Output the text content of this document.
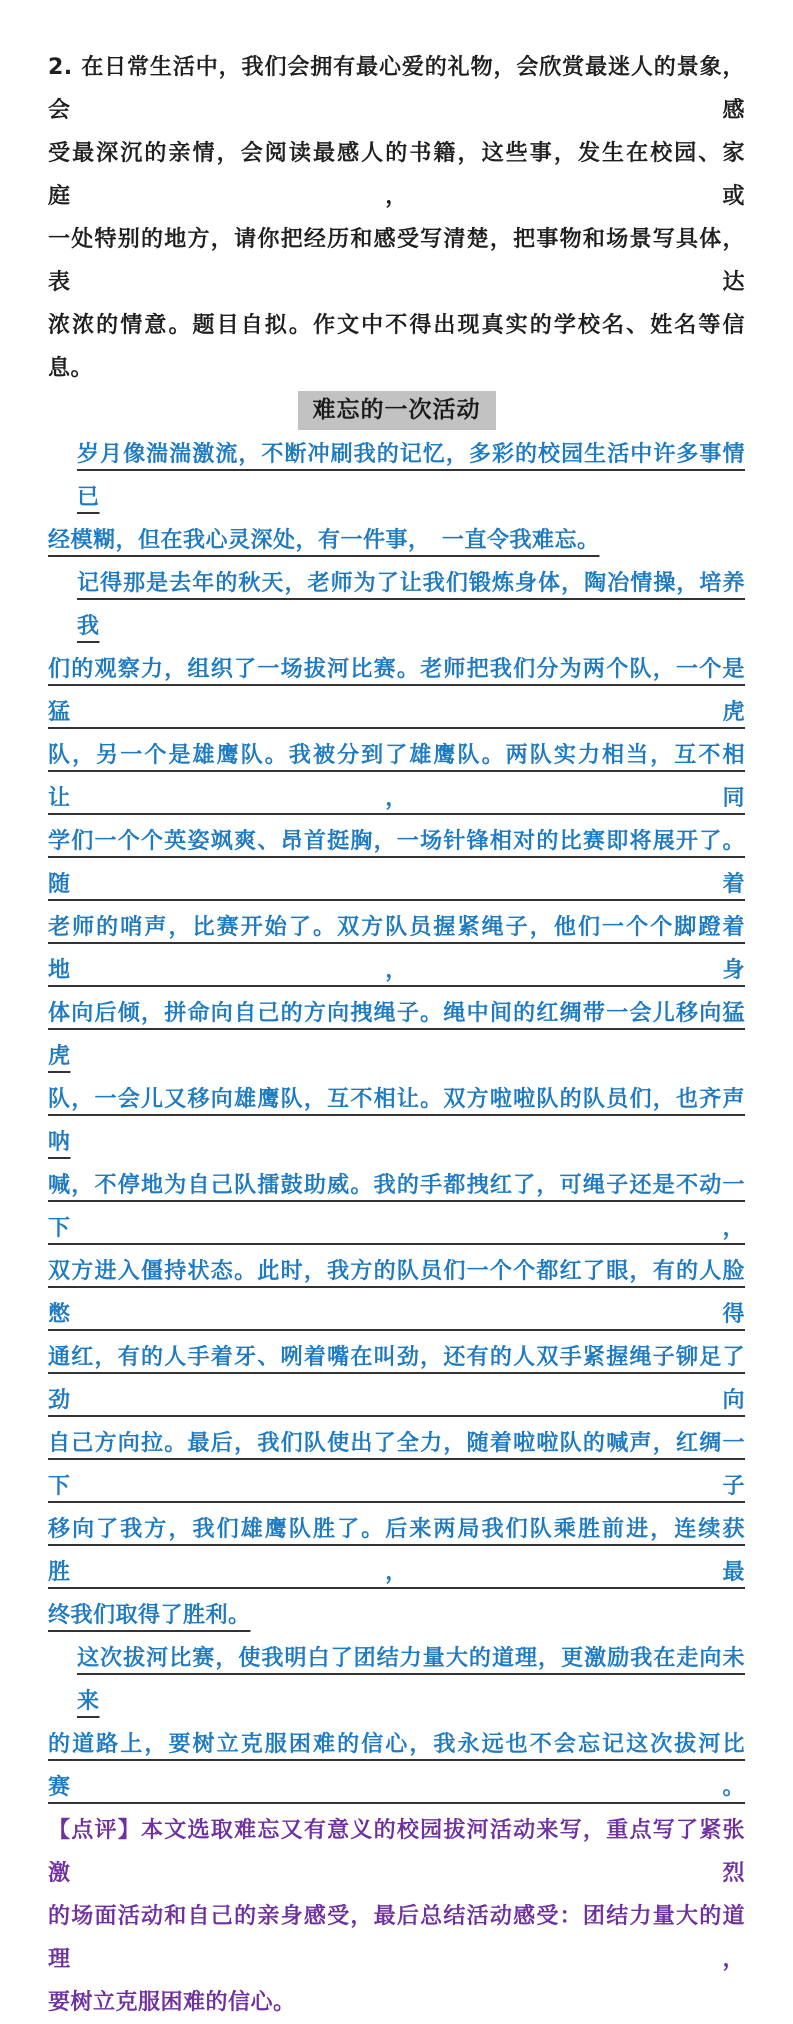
2. 在日常生活中，我们会拥有最心爱的礼物，会欣赏最迷人的景象，会感
受最深沉的亲情，会阅读最感人的书籍，这些事，发生在校园、家庭，或
一处特别的地方，请你把经历和感受写清楚，把事物和场景写具体，表达
浓浓的情意。题目自拟。作文中不得出现真实的学校名、姓名等信息。
难忘的一次活动
岁月像湍湍激流，不断冲刷我的记忆，多彩的校园生活中许多事情已
经模糊，但在我心灵深处，有一件事，　一直令我难忘。
记得那是去年的秋天，老师为了让我们锻炼身体，陶冶情操，培养我
们的观察力，组织了一场拔河比赛。老师把我们分为两个队，一个是猛虎
队，另一个是雄鹰队。我被分到了雄鹰队。两队实力相当，互不相让，同
学们一个个英姿飒爽、昂首挺胸，一场针锋相对的比赛即将展开了。随着
老师的哨声，比赛开始了。双方队员握紧绳子，他们一个个脚蹬着地，身
体向后倾，拼命向自己的方向拽绳子。绳中间的红绸带一会儿移向猛虎
队，一会儿又移向雄鹰队，互不相让。双方啦啦队的队员们，也齐声呐
喊，不停地为自己队擂鼓助威。我的手都拽红了，可绳子还是不动一下，
双方进入僵持状态。此时，我方的队员们一个个都红了眼，有的人脸憋得
通红，有的人手着牙、咧着嘴在叫劲，还有的人双手紧握绳子铆足了劲向
自己方向拉。最后，我们队使出了全力，随着啦啦队的喊声，红绸一下子
移向了我方，我们雄鹰队胜了。后来两局我们队乘胜前进，连续获胜，最
终我们取得了胜利。
这次拔河比赛，使我明白了团结力量大的道理，更激励我在走向未来
的道路上，要树立克服困难的信心，我永远也不会忘记这次拔河比赛。
【点评】本文选取难忘又有意义的校园拔河活动来写，重点写了紧张激烈
的场面活动和自己的亲身感受，最后总结活动感受：团结力量大的道理，
要树立克服困难的信心。
